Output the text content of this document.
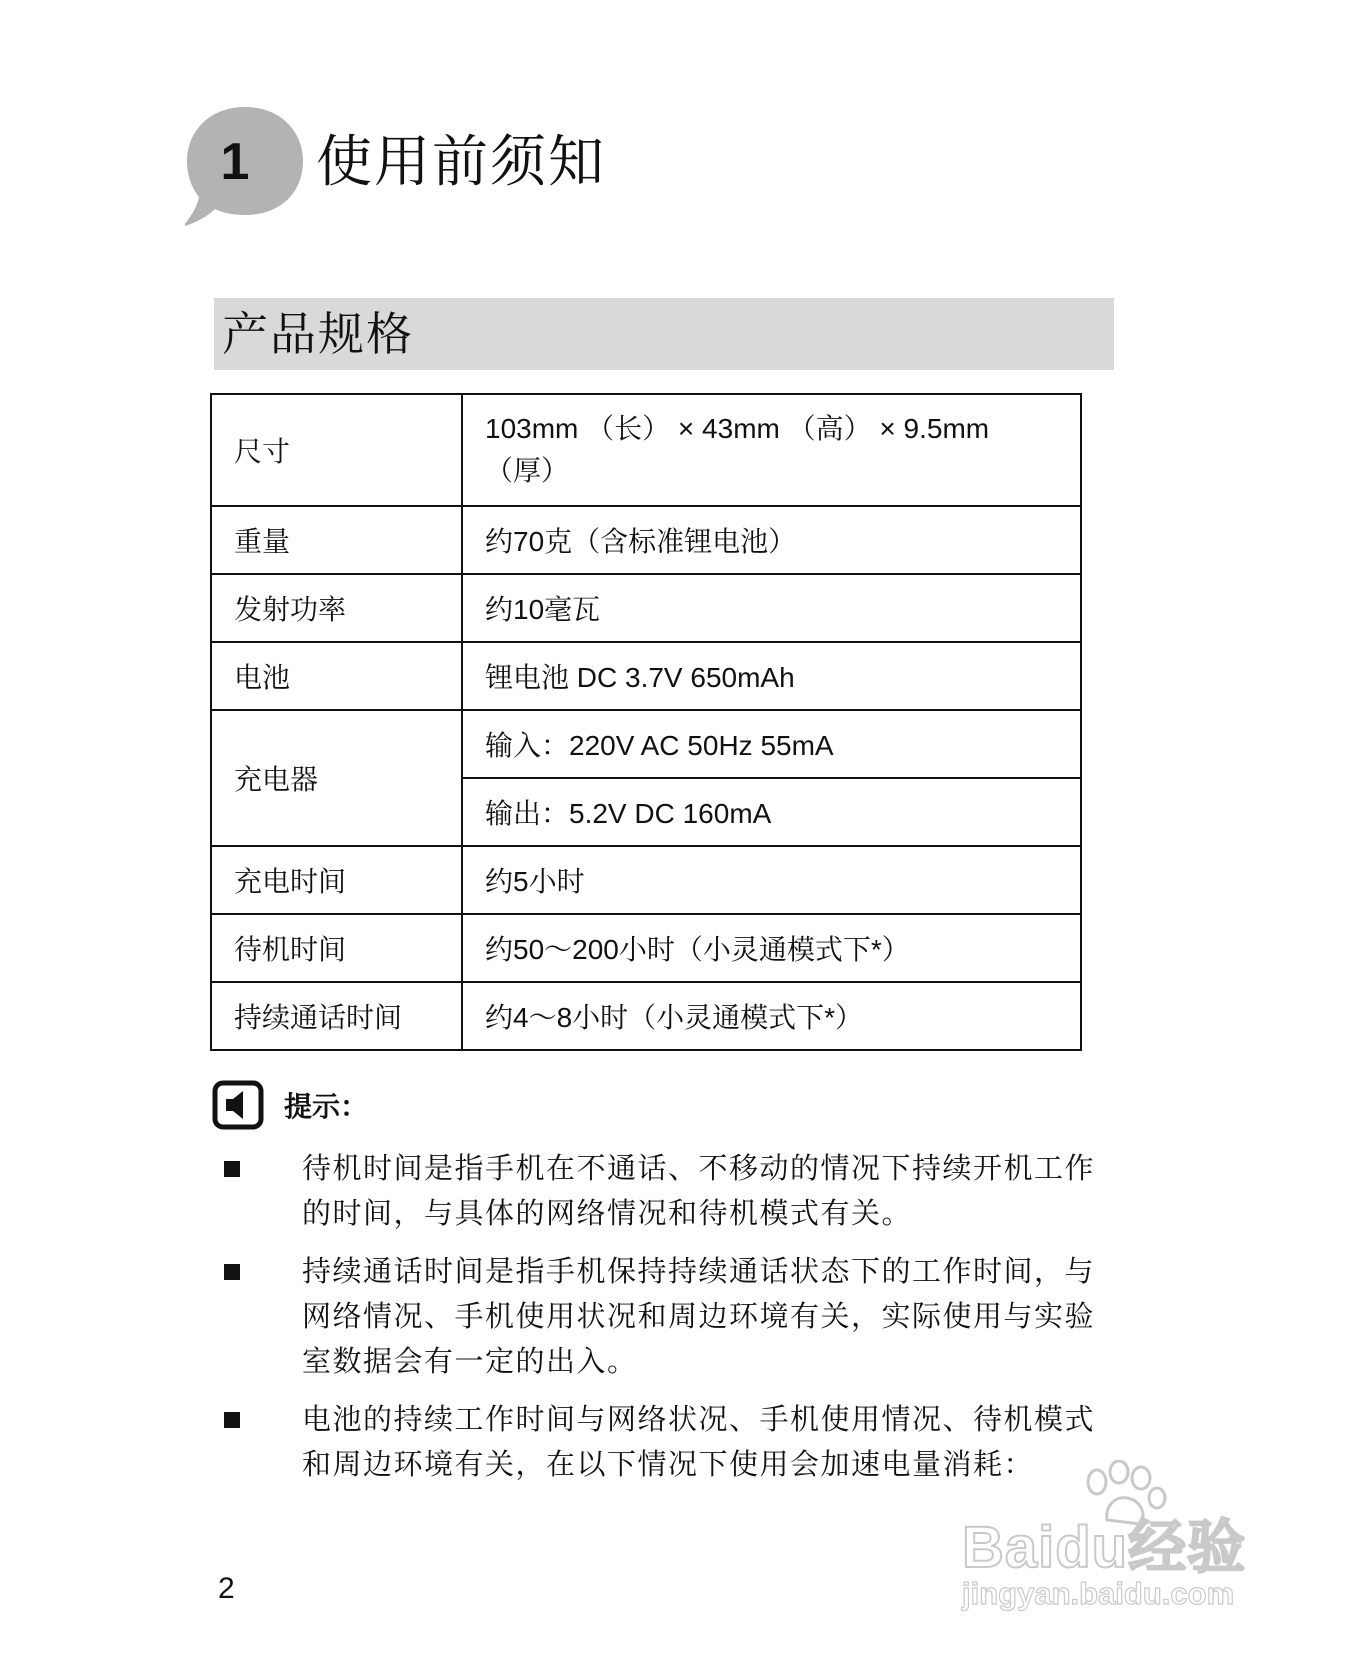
1	使用前须知
产品规格
尺寸	103mm （长） × 43mm （高） × 9.5mm
（厚）

重量	约70克（含标准锂电池）
发射功率	约10毫瓦
电池	锂电池 DC 3.7V 650mAh
充电器	输入：220V AC 50Hz 55mA
	输出：5.2V DC 160mA
充电时间	约5小时
待机时间	约50～200小时（小灵通模式下*）
持续通话时间	约4～8小时（小灵通模式下*）
提示：
待机时间是指手机在不通话、不移动的情况下持续开机工作的时间，与具体的网络情况和待机模式有关。
持续通话时间是指手机保持持续通话状态下的工作时间，与网络情况、手机使用状况和周边环境有关，实际使用与实验室数据会有一定的出入。
电池的持续工作时间与网络状况、手机使用情况、待机模式和周边环境有关，在以下情况下使用会加速电量消耗：
2
Baidu经验
jingyan.baidu.com
